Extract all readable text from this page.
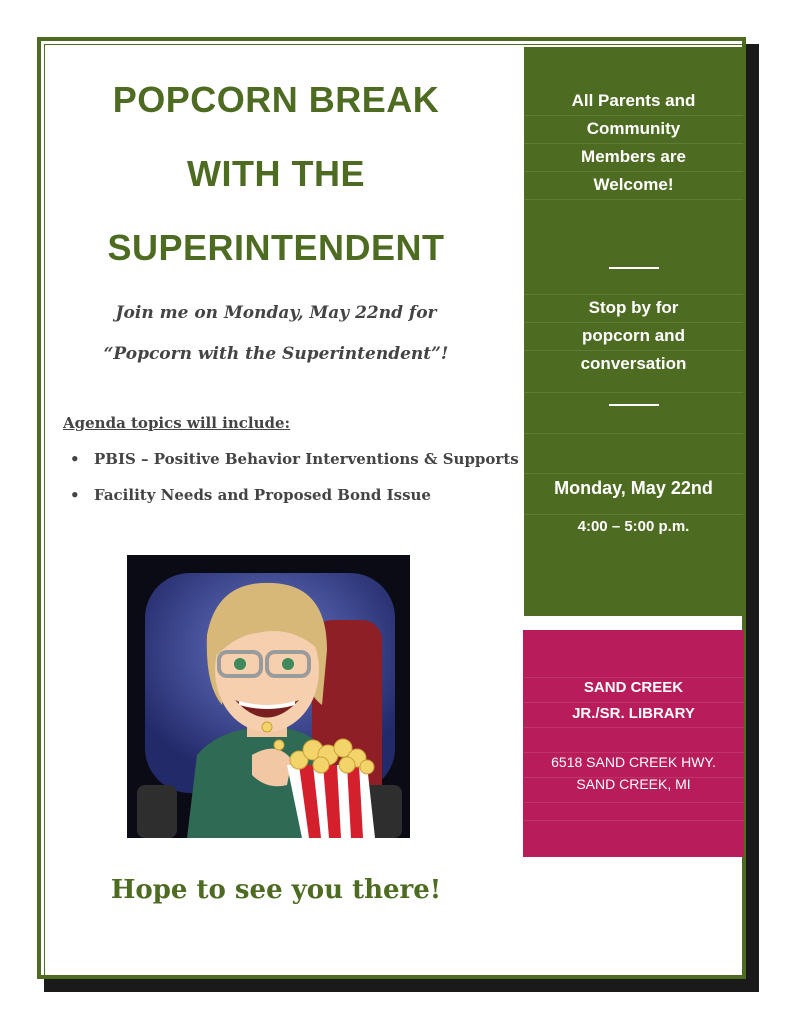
POPCORN BREAK
WITH THE
SUPERINTENDENT
Join me on Monday, May 22nd for
“Popcorn with the Superintendent”!
Agenda topics will include:
• PBIS – Positive Behavior Interventions & Supports
• Facility Needs and Proposed Bond Issue
Hope to see you there!
All Parents and
Community
Members are
Welcome!
Stop by for
popcorn and
conversation
Monday, May 22nd
4:00 – 5:00 p.m.
SAND CREEK
JR./SR. LIBRARY
6518 SAND CREEK HWY.
SAND CREEK, MI
